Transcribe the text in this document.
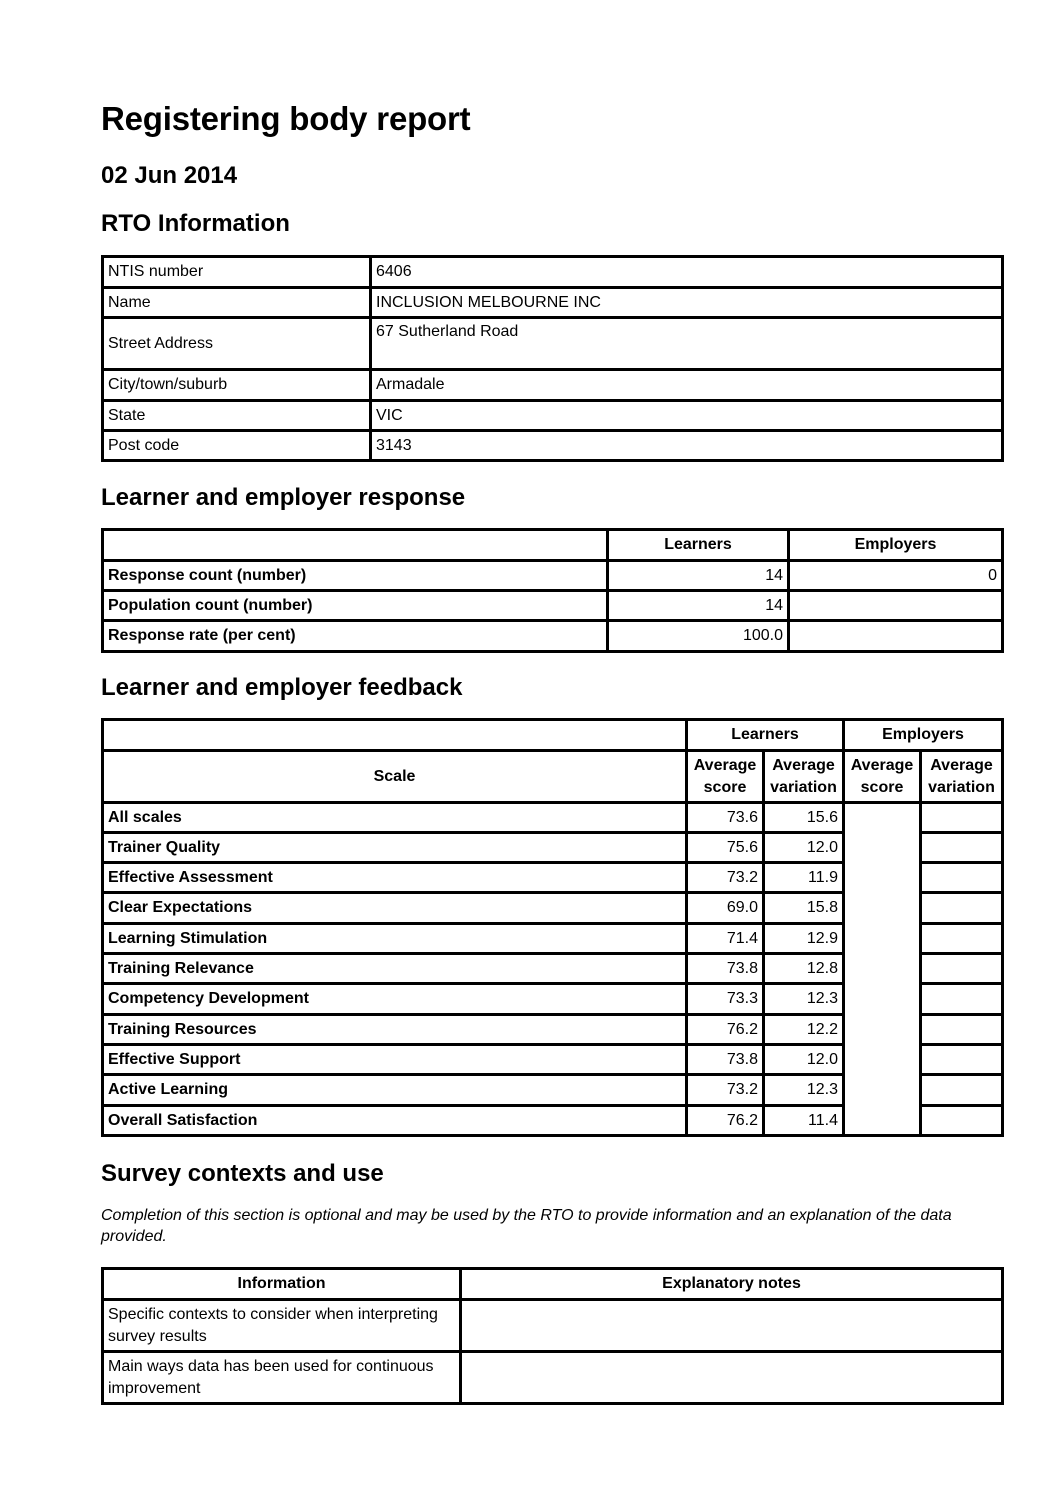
Registering body report
02 Jun 2014
RTO Information
NTIS number	6406
Name	INCLUSION MELBOURNE INC
Street Address	67 Sutherland Road
City/town/suburb	Armadale
State	VIC
Post code	3143
Learner and employer response
	Learners	Employers
Response count (number)	14	0
Population count (number)	14	
Response rate (per cent)	100.0	
Learner and employer feedback
	Learners		Employers	
Scale	Average score	Average variation	Average score	Average variation
All scales	73.6	15.6		
Trainer Quality	75.6	12.0		
Effective Assessment	73.2	11.9		
Clear Expectations	69.0	15.8		
Learning Stimulation	71.4	12.9		
Training Relevance	73.8	12.8		
Competency Development	73.3	12.3		
Training Resources	76.2	12.2		
Effective Support	73.8	12.0		
Active Learning	73.2	12.3		
Overall Satisfaction	76.2	11.4		
Survey contexts and use

Completion of this section is optional and may be used by the RTO to provide information and an explanation of the data provided.

Information	Explanatory notes
Specific contexts to consider when interpreting survey results	
Main ways data has been used for continuous improvement	
